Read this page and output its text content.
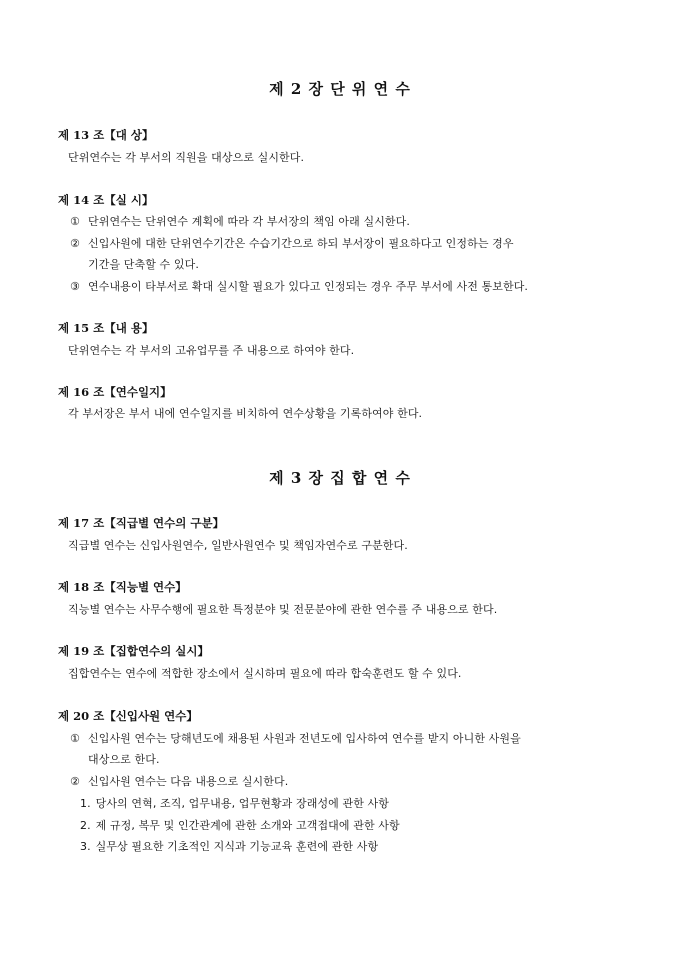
제 2 장 단 위 연 수
제 13 조【대 상】
단위연수는 각 부서의 직원을 대상으로 실시한다.
제 14 조【실 시】
① 단위연수는 단위연수 계획에 따라 각 부서장의 책임 아래 실시한다.
② 신입사원에 대한 단위연수기간은 수습기간으로 하되 부서장이 필요하다고 인정하는 경우
기간을 단축할 수 있다.
③ 연수내용이 타부서로 확대 실시할 필요가 있다고 인정되는 경우 주무 부서에 사전 통보한다.
제 15 조【내 용】
단위연수는 각 부서의 고유업무를 주 내용으로 하여야 한다.
제 16 조【연수일지】
각 부서장은 부서 내에 연수일지를 비치하여 연수상황을 기록하여야 한다.
제 3 장 집 합 연 수
제 17 조【직급별 연수의 구분】
직급별 연수는 신입사원연수, 일반사원연수 및 책임자연수로 구분한다.
제 18 조【직능별 연수】
직능별 연수는 사무수행에 필요한 특정분야 및 전문분야에 관한 연수를 주 내용으로 한다.
제 19 조【집합연수의 실시】
집합연수는 연수에 적합한 장소에서 실시하며 필요에 따라 합숙훈련도 할 수 있다.
제 20 조【신입사원 연수】
① 신입사원 연수는 당해년도에 채용된 사원과 전년도에 입사하여 연수를 받지 아니한 사원을
대상으로 한다.
② 신입사원 연수는 다음 내용으로 실시한다.
1. 당사의 연혁, 조직, 업무내용, 업무현황과 장래성에 관한 사항
2. 제 규정, 복무 및 인간관계에 관한 소개와 고객접대에 관한 사항
3. 실무상 필요한 기초적인 지식과 기능교육 훈련에 관한 사항
